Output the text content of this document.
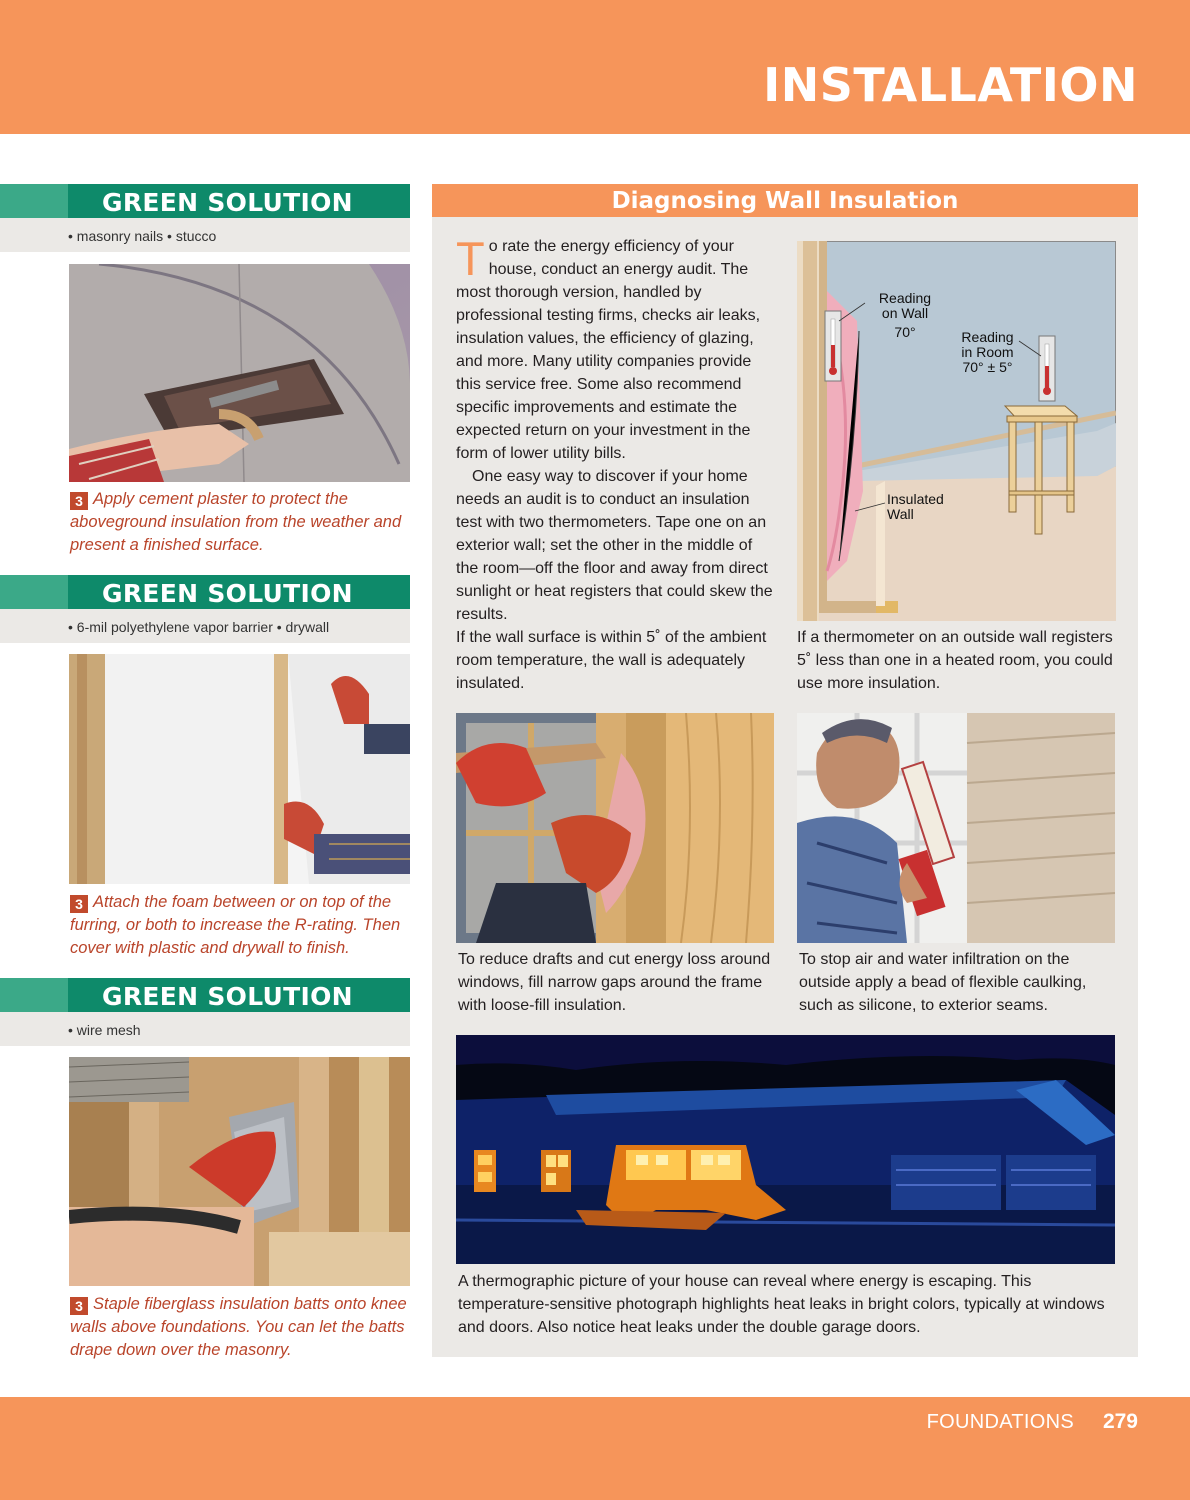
INSTALLATION
GREEN SOLUTION
• masonry nails • stucco
3 Apply cement plaster to protect the aboveground insulation from the weather and present a finished surface.
GREEN SOLUTION
• 6-mil polyethylene vapor barrier • drywall
3 Attach the foam between or on top of the furring, or both to increase the R-rating. Then cover with plastic and drywall to finish.
GREEN SOLUTION
• wire mesh
3 Staple fiberglass insulation batts onto knee walls above foundations. You can let the batts drape down over the masonry.
Diagnosing Wall Insulation

To rate the energy efficiency of your house, conduct an energy audit. The most thorough version, handled by professional testing firms, checks air leaks, insulation values, the efficiency of glazing, and more. Many utility companies provide this service free. Some also recommend specific improvements and estimate the expected return on your investment in the form of lower utility bills.

One easy way to discover if your home needs an audit is to conduct an insulation test with two thermometers. Tape one on an exterior wall; set the other in the middle of the room—off the floor and away from direct sunlight or heat registers that could skew the results.

If the wall surface is within 5˚ of the ambient room temperature, the wall is adequately insulated.

Reading
on Wall
70°	Reading
in Room
70° ± 5°
Insulated
Wall
If a thermometer on an outside wall registers 5˚ less than one in a heated room, you could use more insulation.
To reduce drafts and cut energy loss around windows, fill narrow gaps around the frame with loose-fill insulation.
To stop air and water infiltration on the outside apply a bead of flexible caulking, such as silicone, to exterior seams.
A thermographic picture of your house can reveal where energy is escaping. This temperature-sensitive photograph highlights heat leaks in bright colors, typically at windows and doors. Also notice heat leaks under the double garage doors.
FOUNDATIONS 279
